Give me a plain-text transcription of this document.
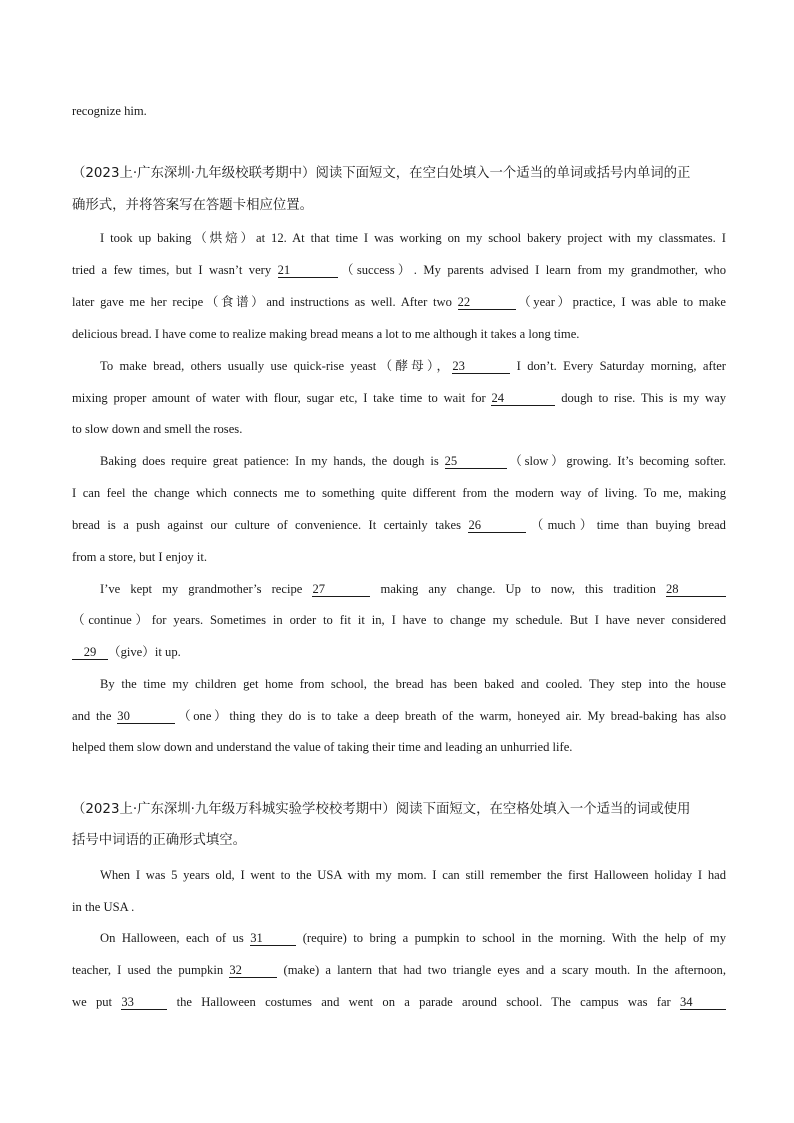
recognize him.
（2023上·广东深圳·九年级校联考期中）阅读下面短文，在空白处填入一个适当的单词或括号内单词的正
确形式，并将答案写在答题卡相应位置。
I took up baking（烘焙）at 12. At that time I was working on my school bakery project with my classmates. I
tried a few times, but I wasn’t very 21	（success）. My parents advised I learn from my grandmother, who
later gave me her recipe（食谱）and instructions as well. After two 22	（year）practice, I was able to make
delicious bread. I have come to realize making bread means a lot to me although it takes a long time.
To make bread, others usually use quick-rise yeast（酵母），23	I don’t. Every Saturday morning, after
mixing proper amount of water with flour, sugar etc, I take time to wait for 24	dough to rise. This is my way
to slow down and smell the roses.
Baking does require great patience: In my hands, the dough is 25	（slow）growing. It’s becoming softer.
I can feel the change which connects me to something quite different from the modern way of living. To me, making
bread is a push against our culture of convenience. It certainly takes 26	（much）time than buying bread
from a store, but I enjoy it.
I’ve kept my grandmother’s recipe 27	making any change. Up to now, this tradition 28
（continue）for years. Sometimes in order to fit it in, I have to change my schedule. But I have never considered
29 （give）it up.
By the time my children get home from school, the bread has been baked and cooled. They step into the house
and the 30	（one）thing they do is to take a deep breath of the warm, honeyed air. My bread-baking has also
helped them slow down and understand the value of taking their time and leading an unhurried life.
（2023上·广东深圳·九年级万科城实验学校校考期中）阅读下面短文，在空格处填入一个适当的词或使用
括号中词语的正确形式填空。
When I was 5 years old, I went to the USA with my mom. I can still remember the first Halloween holiday I had
in the USA .
On Halloween, each of us 31	(require) to bring a pumpkin to school in the morning. With the help of my
teacher, I used the pumpkin 32	(make) a lantern that had two triangle eyes and a scary mouth. In the afternoon,
we put 33	the Halloween costumes and went on a parade around school. The campus was far 34
